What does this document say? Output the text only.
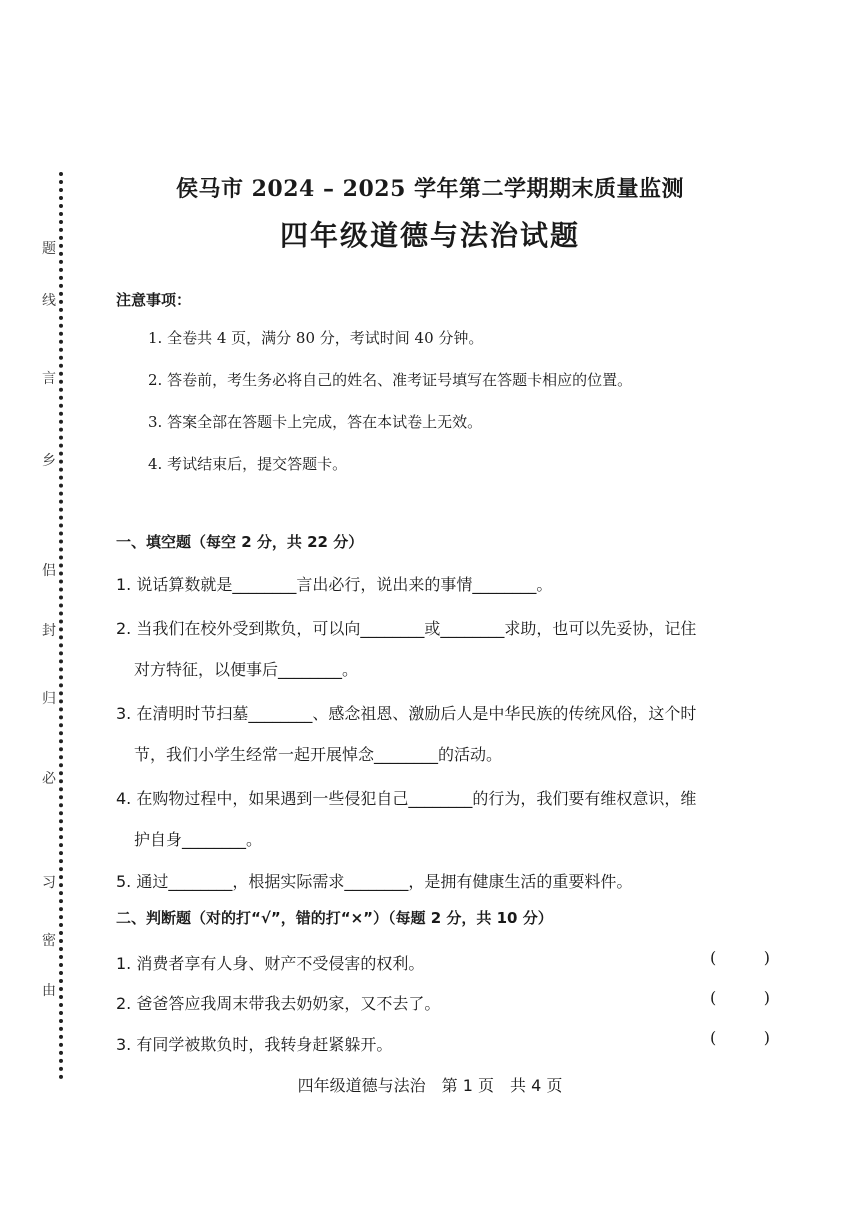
题
线
言
乡
侣
封
归
必
习
密
由
侯马市 2024 – 2025 学年第二学期期末质量监测
四年级道德与法治试题
注意事项：
1. 全卷共 4 页，满分 80 分，考试时间 40 分钟。
2. 答卷前，考生务必将自己的姓名、准考证号填写在答题卡相应的位置。
3. 答案全部在答题卡上完成，答在本试卷上无效。
4. 考试结束后，提交答题卡。
一、填空题（每空 2 分，共 22 分）
1. 说话算数就是________言出必行，说出来的事情________。
2. 当我们在校外受到欺负，可以向________或________求助，也可以先妥协，记住
对方特征，以便事后________。
3. 在清明时节扫墓________、感念祖恩、激励后人是中华民族的传统风俗，这个时
节，我们小学生经常一起开展悼念________的活动。
4. 在购物过程中，如果遇到一些侵犯自己________的行为，我们要有维权意识，维
护自身________。
5. 通过________，根据实际需求________，是拥有健康生活的重要料件。
二、判断题（对的打“√”，错的打“×”）（每题 2 分，共 10 分）
1. 消费者享有人身、财产不受侵害的权利。	(	)
2. 爸爸答应我周末带我去奶奶家，又不去了。	(	)
3. 有同学被欺负时，我转身赶紧躲开。	(	)
四年级道德与法治　第 1 页　共 4 页
